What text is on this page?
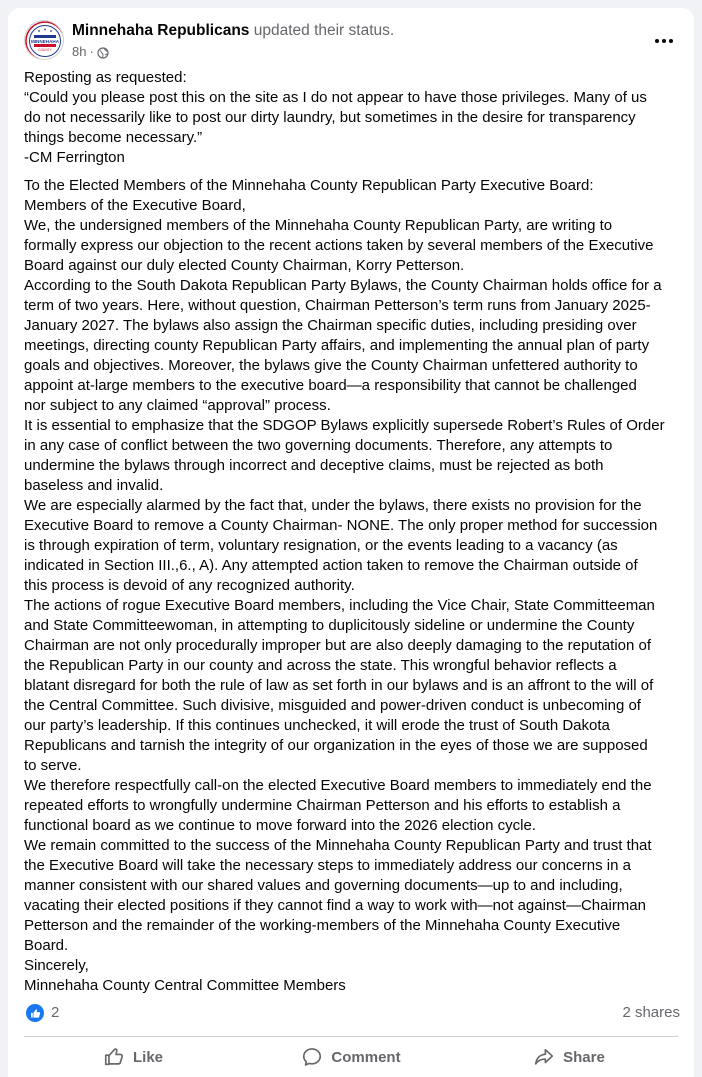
MINNEHAHA
COUNTY
Minnehaha Republicans updated their status.
8h ·
Reposting as requested:
“Could you please post this on the site as I do not appear to have those privileges. Many of us
do not necessarily like to post our dirty laundry, but sometimes in the desire for transparency
things become necessary.”
-CM Ferrington
To the Elected Members of the Minnehaha County Republican Party Executive Board:
Members of the Executive Board,
We, the undersigned members of the Minnehaha County Republican Party, are writing to
formally express our objection to the recent actions taken by several members of the Executive
Board against our duly elected County Chairman, Korry Petterson.
According to the South Dakota Republican Party Bylaws, the County Chairman holds office for a
term of two years. Here, without question, Chairman Petterson’s term runs from January 2025-
January 2027. The bylaws also assign the Chairman specific duties, including presiding over
meetings, directing county Republican Party affairs, and implementing the annual plan of party
goals and objectives. Moreover, the bylaws give the County Chairman unfettered authority to
appoint at-large members to the executive board—a responsibility that cannot be challenged
nor subject to any claimed “approval” process.
It is essential to emphasize that the SDGOP Bylaws explicitly supersede Robert’s Rules of Order
in any case of conflict between the two governing documents. Therefore, any attempts to
undermine the bylaws through incorrect and deceptive claims, must be rejected as both
baseless and invalid.
We are especially alarmed by the fact that, under the bylaws, there exists no provision for the
Executive Board to remove a County Chairman- NONE. The only proper method for succession
is through expiration of term, voluntary resignation, or the events leading to a vacancy (as
indicated in Section III.,6., A). Any attempted action taken to remove the Chairman outside of
this process is devoid of any recognized authority.
The actions of rogue Executive Board members, including the Vice Chair, State Committeeman
and State Committeewoman, in attempting to duplicitously sideline or undermine the County
Chairman are not only procedurally improper but are also deeply damaging to the reputation of
the Republican Party in our county and across the state. This wrongful behavior reflects a
blatant disregard for both the rule of law as set forth in our bylaws and is an affront to the will of
the Central Committee. Such divisive, misguided and power-driven conduct is unbecoming of
our party’s leadership. If this continues unchecked, it will erode the trust of South Dakota
Republicans and tarnish the integrity of our organization in the eyes of those we are supposed
to serve.
We therefore respectfully call-on the elected Executive Board members to immediately end the
repeated efforts to wrongfully undermine Chairman Petterson and his efforts to establish a
functional board as we continue to move forward into the 2026 election cycle.
We remain committed to the success of the Minnehaha County Republican Party and trust that
the Executive Board will take the necessary steps to immediately address our concerns in a
manner consistent with our shared values and governing documents—up to and including,
vacating their elected positions if they cannot find a way to work with—not against—Chairman
Petterson and the remainder of the working-members of the Minnehaha County Executive
Board.
Sincerely,
Minnehaha County Central Committee Members
2	2 shares
Like	Comment	Share
